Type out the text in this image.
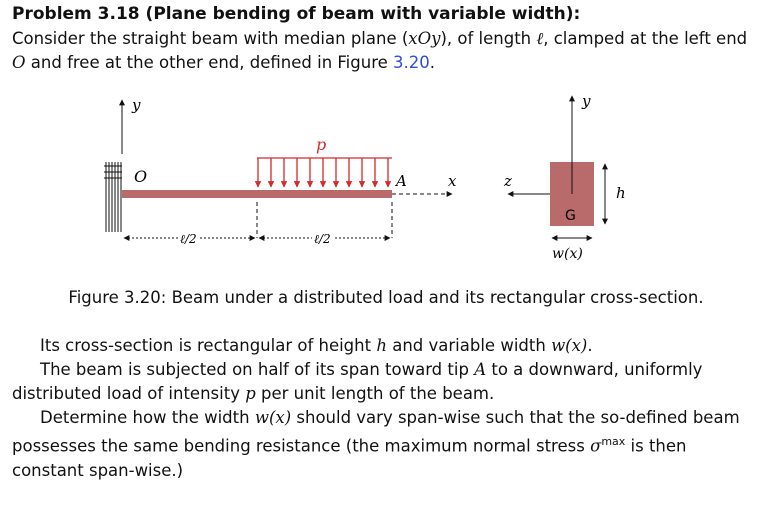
Problem 3.18 (Plane bending of beam with variable width):
Consider the straight beam with median plane (xOy), of length ℓ, clamped at the left end O and free at the other end, defined in Figure 3.20.
y
O
p
A	x
ℓ/2	ℓ/2
z
y
G
h
w(x)
Figure 3.20: Beam under a distributed load and its rectangular cross-section.
Its cross-section is rectangular of height h and variable width w(x).
The beam is subjected on half of its span toward tip A to a downward, uniformly distributed load of intensity p per unit length of the beam.
Determine how the width w(x) should vary span-wise such that the so-defined beam possesses the same bending resistance (the maximum normal stress $\sigma^{max}$ is then constant span-wise.)
